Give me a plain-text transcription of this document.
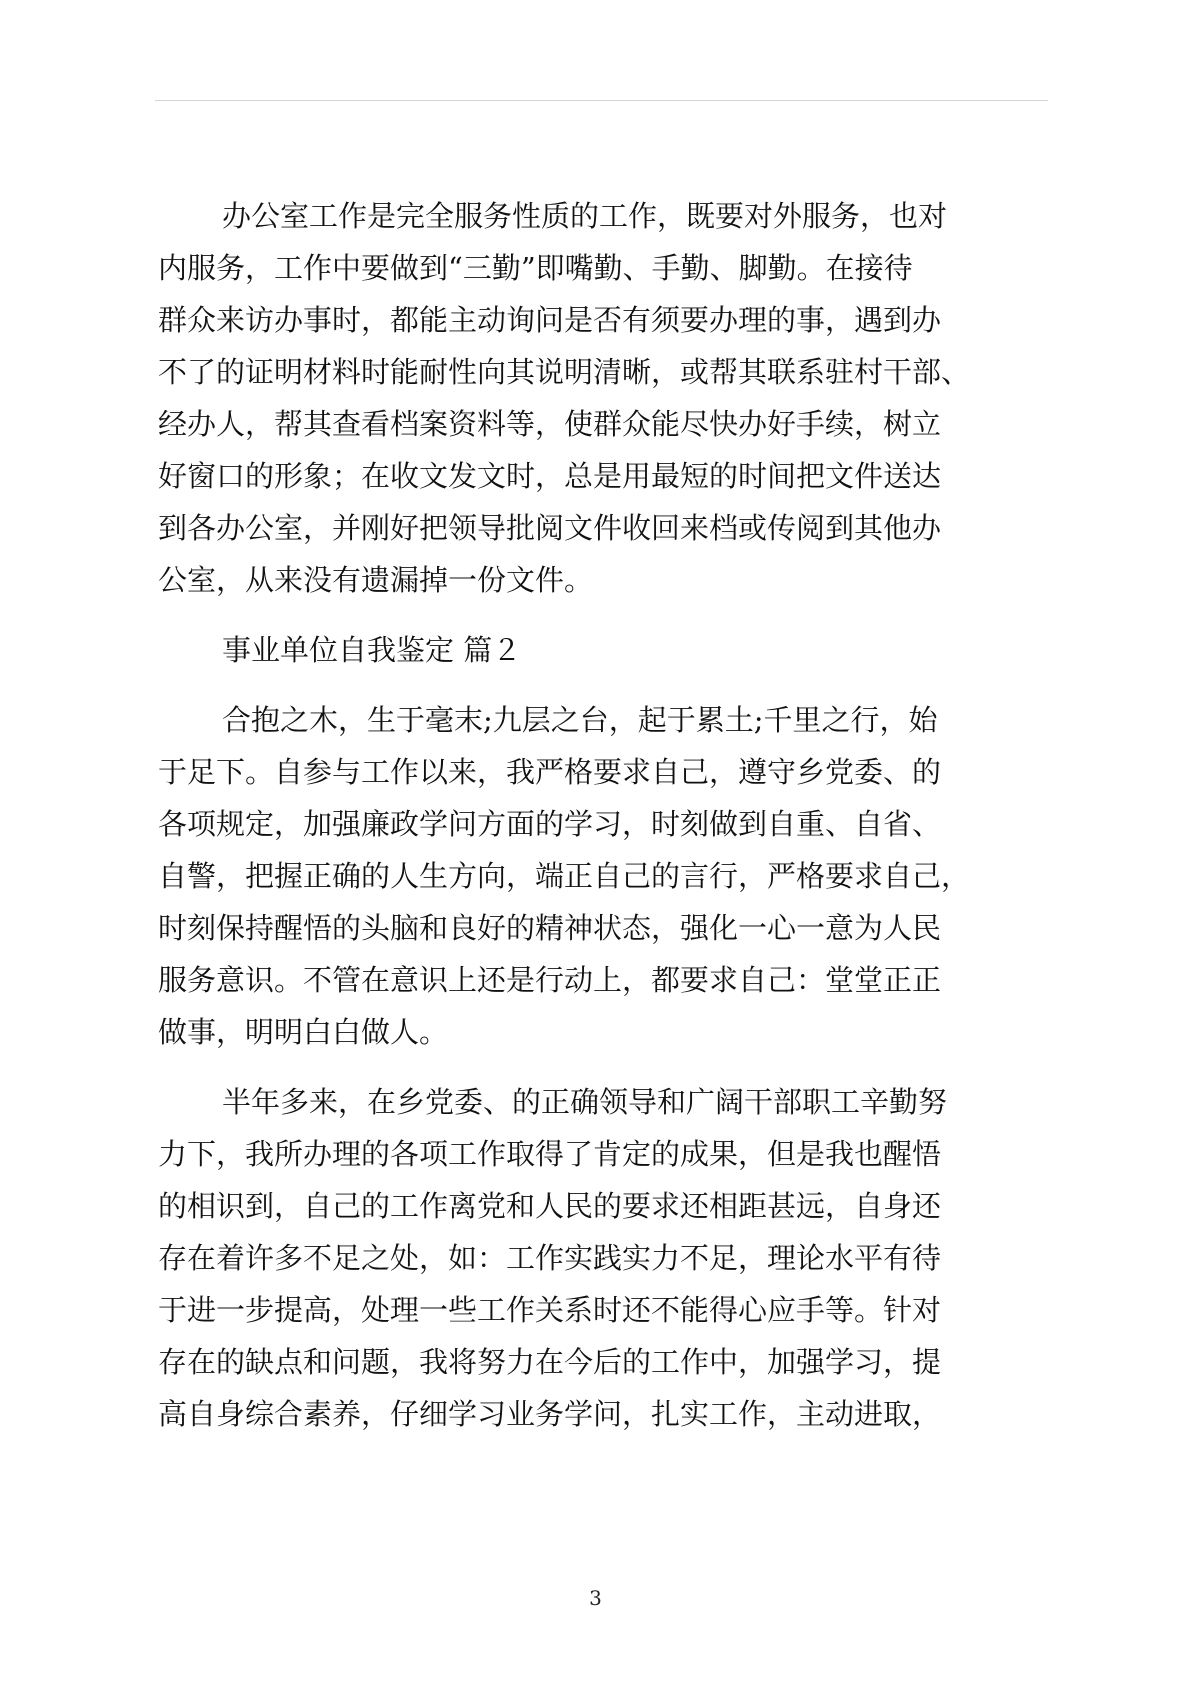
办公室工作是完全服务性质的工作，既要对外服务，也对
内服务，工作中要做到“三勤”即嘴勤、手勤、脚勤。在接待
群众来访办事时，都能主动询问是否有须要办理的事，遇到办
不了的证明材料时能耐性向其说明清晰，或帮其联系驻村干部、
经办人，帮其查看档案资料等，使群众能尽快办好手续，树立
好窗口的形象；在收文发文时，总是用最短的时间把文件送达
到各办公室，并刚好把领导批阅文件收回来档或传阅到其他办
公室，从来没有遗漏掉一份文件。
事业单位自我鉴定 篇２
合抱之木，生于毫末;九层之台，起于累土;千里之行，始
于足下。自参与工作以来，我严格要求自己，遵守乡党委、的
各项规定，加强廉政学问方面的学习，时刻做到自重、自省、
自警，把握正确的人生方向，端正自己的言行，严格要求自己，
时刻保持醒悟的头脑和良好的精神状态，强化一心一意为人民
服务意识。不管在意识上还是行动上，都要求自己：堂堂正正
做事，明明白白做人。
半年多来，在乡党委、的正确领导和广阔干部职工辛勤努
力下，我所办理的各项工作取得了肯定的成果，但是我也醒悟
的相识到，自己的工作离党和人民的要求还相距甚远，自身还
存在着许多不足之处，如：工作实践实力不足，理论水平有待
于进一步提高，处理一些工作关系时还不能得心应手等。针对
存在的缺点和问题，我将努力在今后的工作中，加强学习，提
高自身综合素养，仔细学习业务学问，扎实工作，主动进取，
3
